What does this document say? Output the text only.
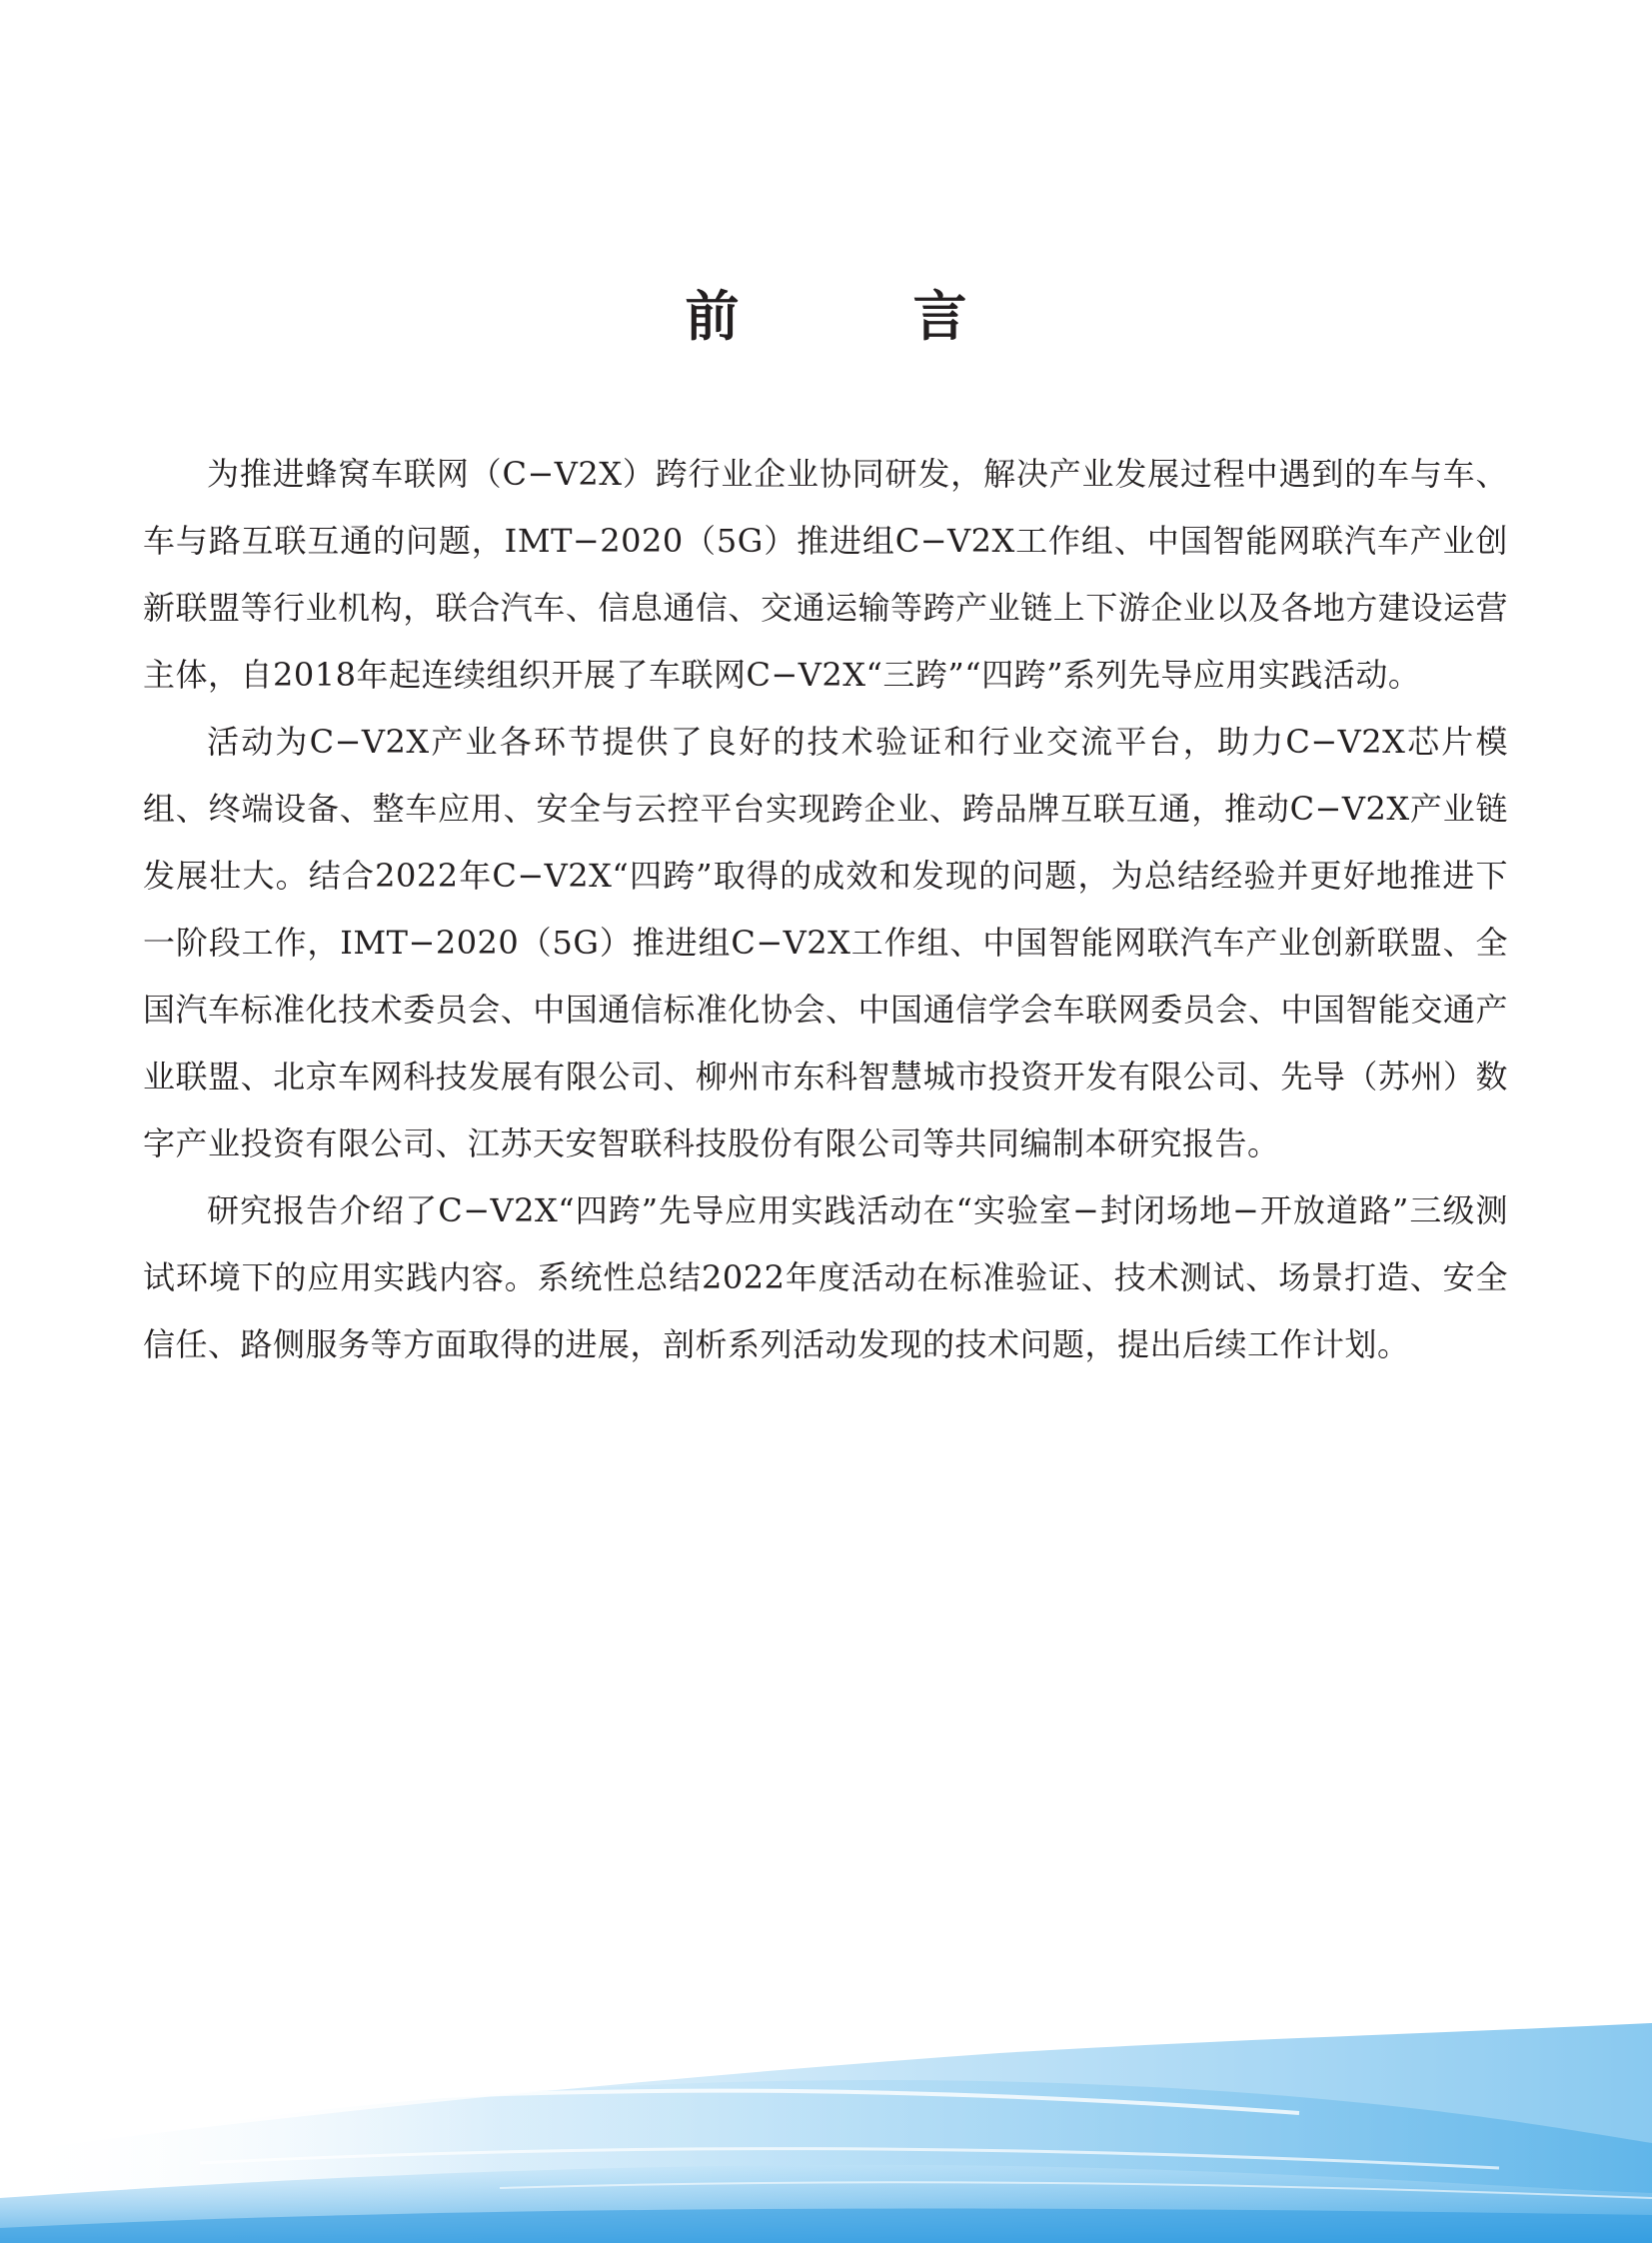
前　言

为推进蜂窝车联网（C−V2X）跨行业企业协同研发，解决产业发展过程中遇到的车与车、车与路互联互通的问题，IMT−2020（5G）推进组C−V2X工作组、中国智能网联汽车产业创新联盟等行业机构，联合汽车、信息通信、交通运输等跨产业链上下游企业以及各地方建设运营主体，自2018年起连续组织开展了车联网C−V2X“三跨”“四跨”系列先导应用实践活动。

活动为C−V2X产业各环节提供了良好的技术验证和行业交流平台，助力C−V2X芯片模组、终端设备、整车应用、安全与云控平台实现跨企业、跨品牌互联互通，推动C−V2X产业链发展壮大。结合2022年C−V2X“四跨”取得的成效和发现的问题，为总结经验并更好地推进下一阶段工作，IMT−2020（5G）推进组C−V2X工作组、中国智能网联汽车产业创新联盟、全国汽车标准化技术委员会、中国通信标准化协会、中国通信学会车联网委员会、中国智能交通产业联盟、北京车网科技发展有限公司、柳州市东科智慧城市投资开发有限公司、先导（苏州）数字产业投资有限公司、江苏天安智联科技股份有限公司等共同编制本研究报告。

研究报告介绍了C−V2X“四跨”先导应用实践活动在“实验室−封闭场地−开放道路”三级测试环境下的应用实践内容。系统性总结2022年度活动在标准验证、技术测试、场景打造、安全信任、路侧服务等方面取得的进展，剖析系列活动发现的技术问题，提出后续工作计划。
